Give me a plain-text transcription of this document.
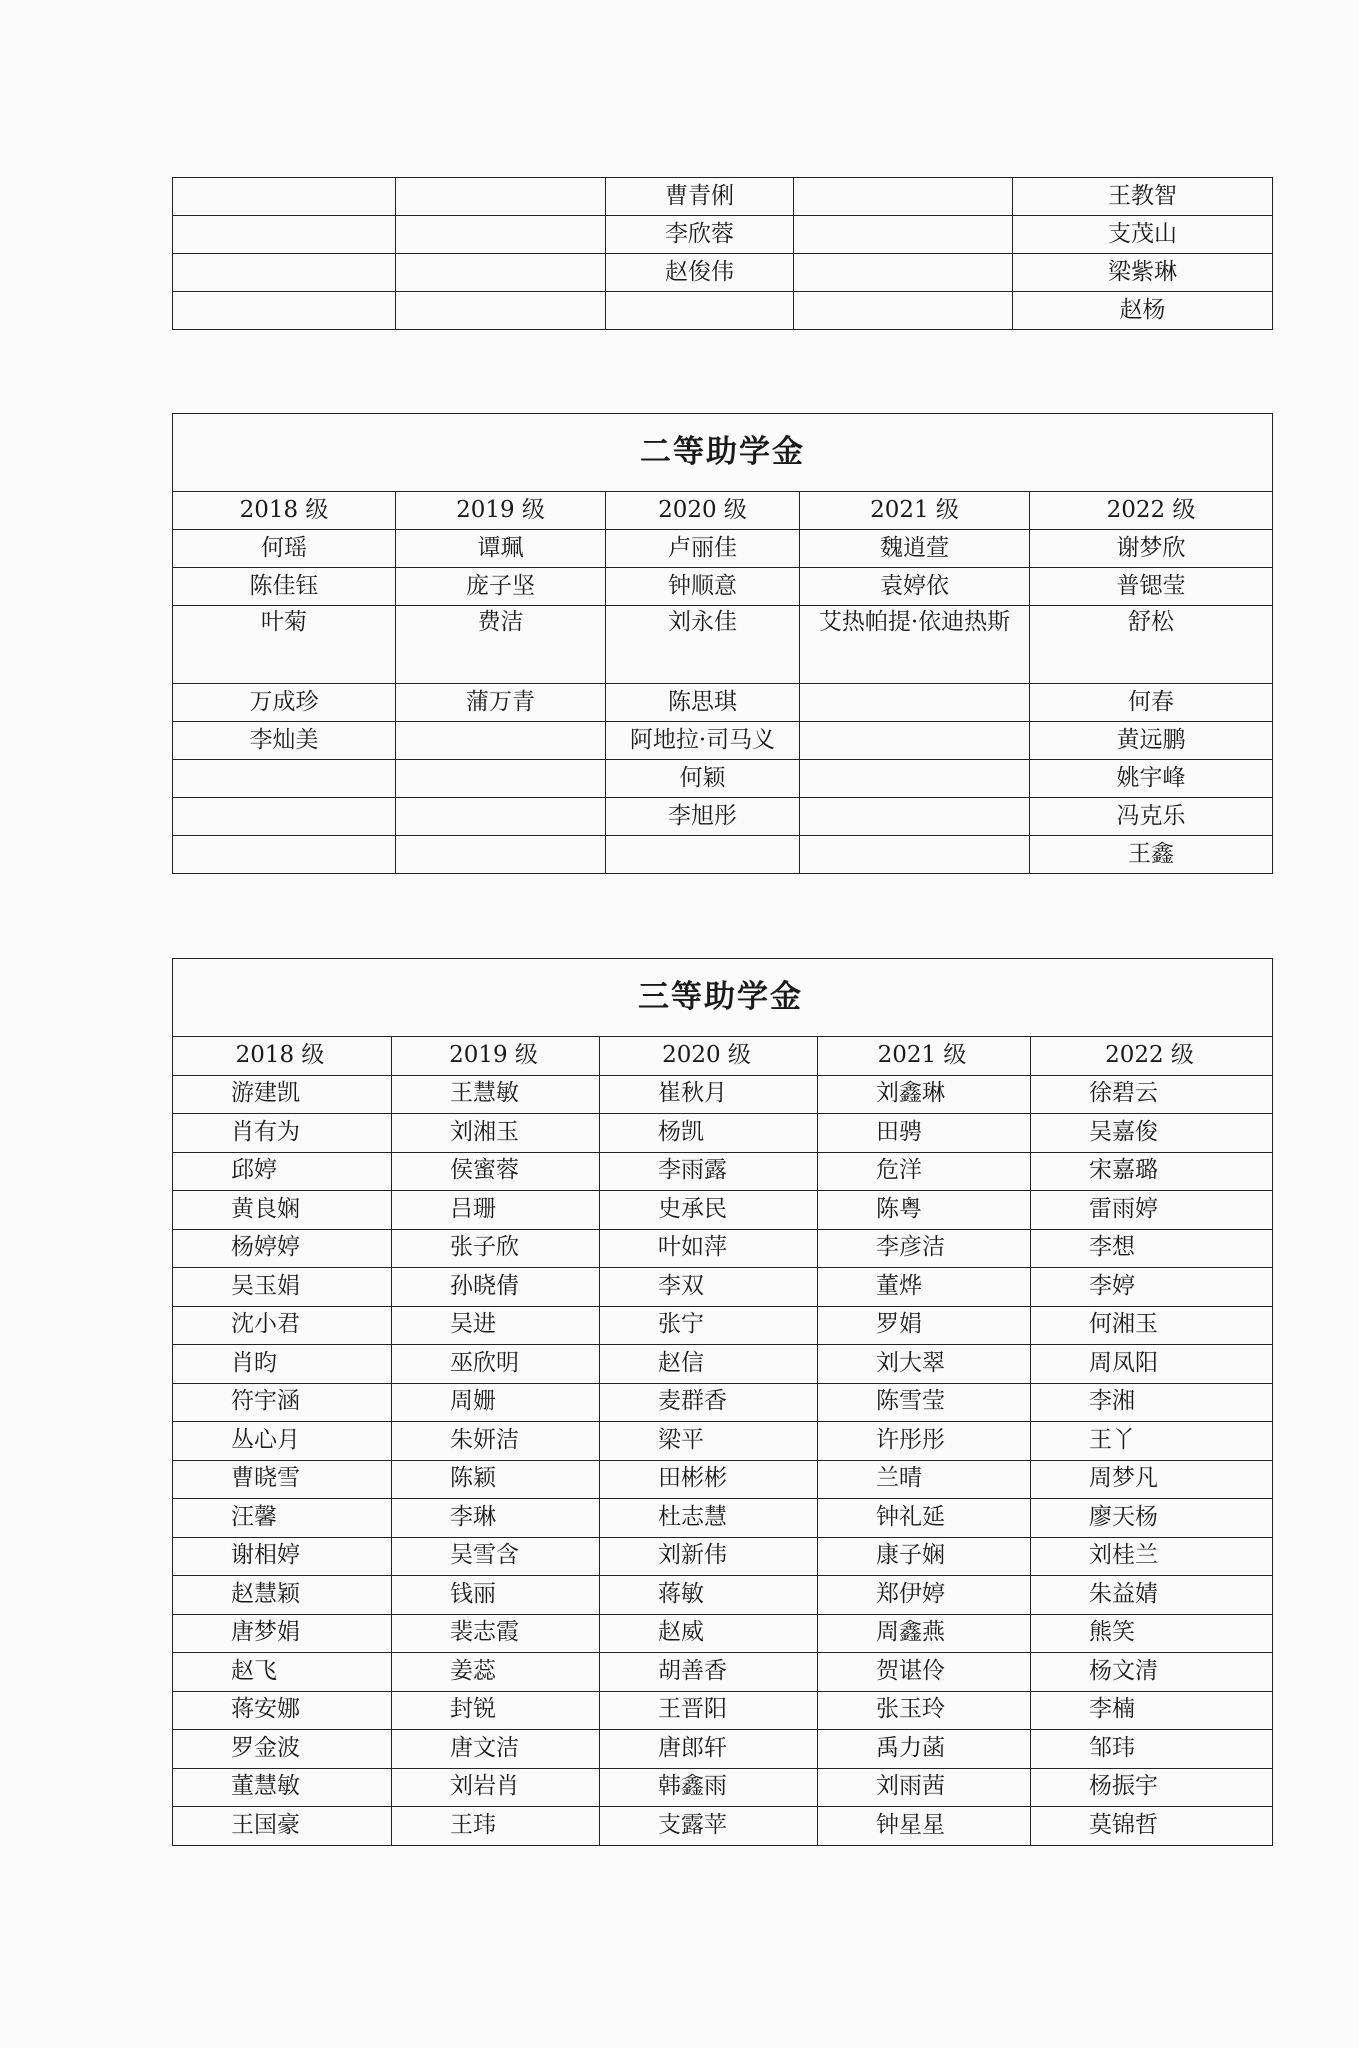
		曹青俐		王教智
		李欣蓉		支茂山
		赵俊伟		梁紫琳
				赵杨
二等助学金				
2018 级	2019 级	2020 级	2021 级	2022 级
何瑶	谭珮	卢丽佳	魏逍萱	谢梦欣
陈佳钰	庞子坚	钟顺意	袁婷依	普锶莹
叶菊	费洁	刘永佳	艾热帕提·依迪热斯	舒松
万成珍	蒲万青	陈思琪		何春
李灿美		阿地拉·司马义		黄远鹏
		何颖		姚宇峰
		李旭彤		冯克乐
				王鑫
三等助学金				
2018 级	2019 级	2020 级	2021 级	2022 级
游建凯	王慧敏	崔秋月	刘鑫琳	徐碧云
肖有为	刘湘玉	杨凯	田骋	吴嘉俊
邱婷	侯蜜蓉	李雨露	危洋	宋嘉璐
黄良娴	吕珊	史承民	陈粤	雷雨婷
杨婷婷	张子欣	叶如萍	李彦洁	李想
吴玉娟	孙晓倩	李双	董烨	李婷
沈小君	吴进	张宁	罗娟	何湘玉
肖昀	巫欣明	赵信	刘大翠	周凤阳
符宇涵	周姗	麦群香	陈雪莹	李湘
丛心月	朱妍洁	梁平	许彤彤	王丫
曹晓雪	陈颖	田彬彬	兰晴	周梦凡
汪馨	李琳	杜志慧	钟礼延	廖天杨
谢相婷	吴雪含	刘新伟	康子娴	刘桂兰
赵慧颖	钱丽	蒋敏	郑伊婷	朱益婧
唐梦娟	裴志霞	赵威	周鑫燕	熊笑
赵飞	姜蕊	胡善香	贺谌伶	杨文清
蒋安娜	封锐	王晋阳	张玉玲	李楠
罗金波	唐文洁	唐郎轩	禹力菡	邹玮
董慧敏	刘岩肖	韩鑫雨	刘雨茜	杨振宇
王国豪	王玮	支露苹	钟星星	莫锦哲
